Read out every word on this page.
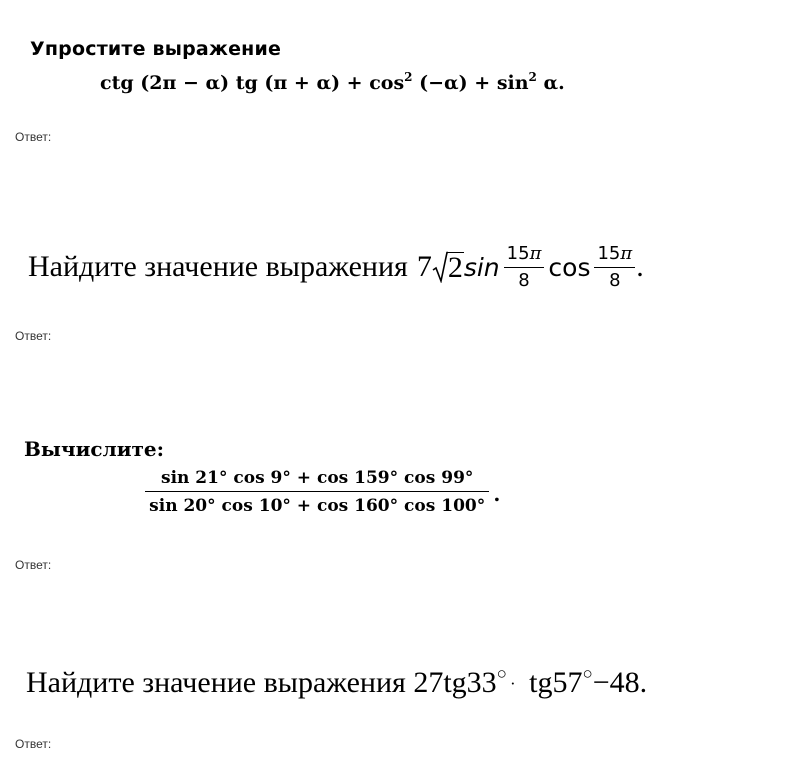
Упростите выражение
ctg (2π − α) tg $(\pi + \alpha) + \cos^2 (-\alpha) + \sin^2 \alpha$.
Ответ:
Найдите значение выражения 7 2 $\sin \frac{15\pi}{8}$ $\cos \frac{15\pi}{8}$ .
Ответ:
Вычислите:
$\frac{\sin 21^\circ \cos 9^\circ + \cos 159^\circ \cos 99^\circ}{\sin 20^\circ \cos 10^\circ + \cos 160^\circ \cos 100^\circ}$ .
Ответ:
Найдите значение выражения 27tg33○· tg57○−48.
Ответ:
